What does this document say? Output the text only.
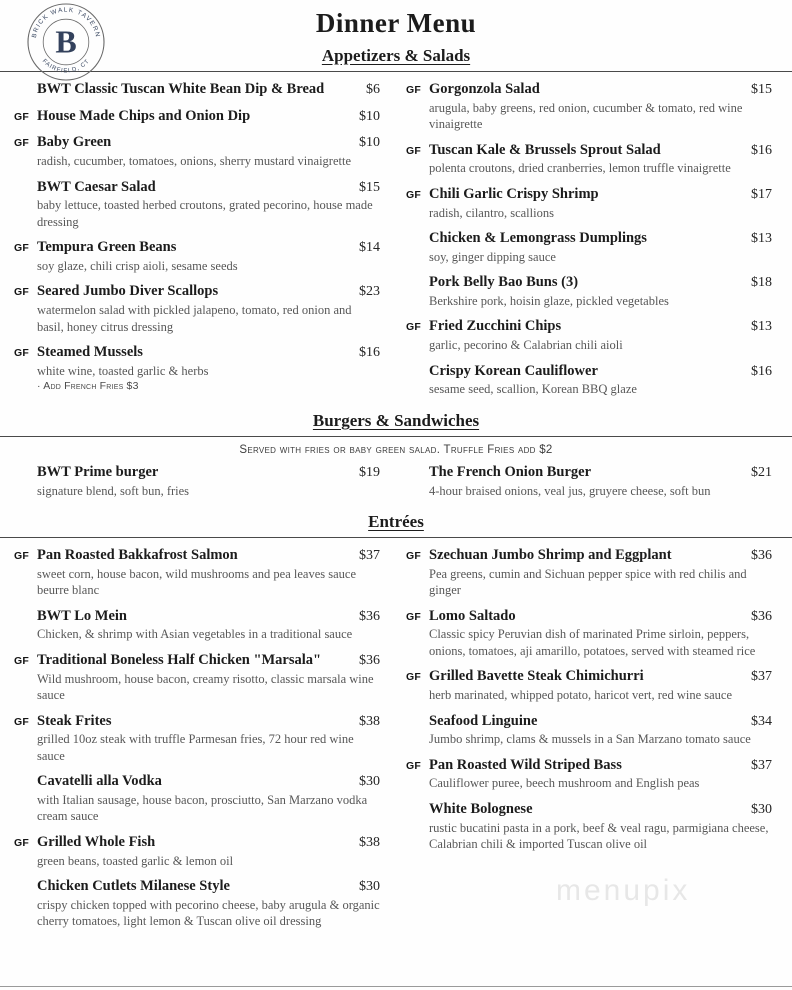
BRICK WALK TAVERN
FAIRFIELD, CT
B
Dinner Menu
Appetizers & Salads
BWT Classic Tuscan White Bean Dip & Bread	$6
GF House Made Chips and Onion Dip	$10
GF Baby Green	$10
radish, cucumber, tomatoes, onions, sherry mustard vinaigrette
BWT Caesar Salad	$15
baby lettuce, toasted herbed croutons, grated pecorino, house made dressing
GF Tempura Green Beans	$14
soy glaze, chili crisp aioli, sesame seeds
GF Seared Jumbo Diver Scallops	$23
watermelon salad with pickled jalapeno, tomato, red onion and basil, honey citrus dressing
GF Steamed Mussels	$16
white wine, toasted garlic & herbs
· Add French Fries $3
GF Gorgonzola Salad	$15
arugula, baby greens, red onion, cucumber & tomato, red wine vinaigrette
GF Tuscan Kale & Brussels Sprout Salad	$16
polenta croutons, dried cranberries, lemon truffle vinaigrette
GF Chili Garlic Crispy Shrimp	$17
radish, cilantro, scallions
Chicken & Lemongrass Dumplings	$13
soy, ginger dipping sauce
Pork Belly Bao Buns (3)	$18
Berkshire pork, hoisin glaze, pickled vegetables
GF Fried Zucchini Chips	$13
garlic, pecorino & Calabrian chili aioli
Crispy Korean Cauliflower	$16
sesame seed, scallion, Korean BBQ glaze
Burgers & Sandwiches
Served with fries or baby green salad. Truffle Fries add $2
BWT Prime burger	$19
signature blend, soft bun, fries
The French Onion Burger	$21
4-hour braised onions, veal jus, gruyere cheese, soft bun
Entrées
GF Pan Roasted Bakkafrost Salmon	$37
sweet corn, house bacon, wild mushrooms and pea leaves sauce beurre blanc
BWT Lo Mein	$36
Chicken, & shrimp with Asian vegetables in a traditional sauce
GF Traditional Boneless Half Chicken "Marsala"	$36
Wild mushroom, house bacon, creamy risotto, classic marsala wine sauce
GF Steak Frites	$38
grilled 10oz steak with truffle Parmesan fries, 72 hour red wine sauce
Cavatelli alla Vodka	$30
with Italian sausage, house bacon, prosciutto, San Marzano vodka cream sauce
GF Grilled Whole Fish	$38
green beans, toasted garlic & lemon oil
Chicken Cutlets Milanese Style	$30
crispy chicken topped with pecorino cheese, baby arugula & organic cherry tomatoes, light lemon & Tuscan olive oil dressing
GF Szechuan Jumbo Shrimp and Eggplant	$36
Pea greens, cumin and Sichuan pepper spice with red chilis and ginger
GF Lomo Saltado	$36
Classic spicy Peruvian dish of marinated Prime sirloin, peppers, onions, tomatoes, aji amarillo, potatoes, served with steamed rice
GF Grilled Bavette Steak Chimichurri	$37
herb marinated, whipped potato, haricot vert, red wine sauce
Seafood Linguine	$34
Jumbo shrimp, clams & mussels in a San Marzano tomato sauce
GF Pan Roasted Wild Striped Bass	$37
Cauliflower puree, beech mushroom and English peas
White Bolognese	$30
rustic bucatini pasta in a pork, beef & veal ragu, parmigiana cheese, Calabrian chili & imported Tuscan olive oil
menupix
